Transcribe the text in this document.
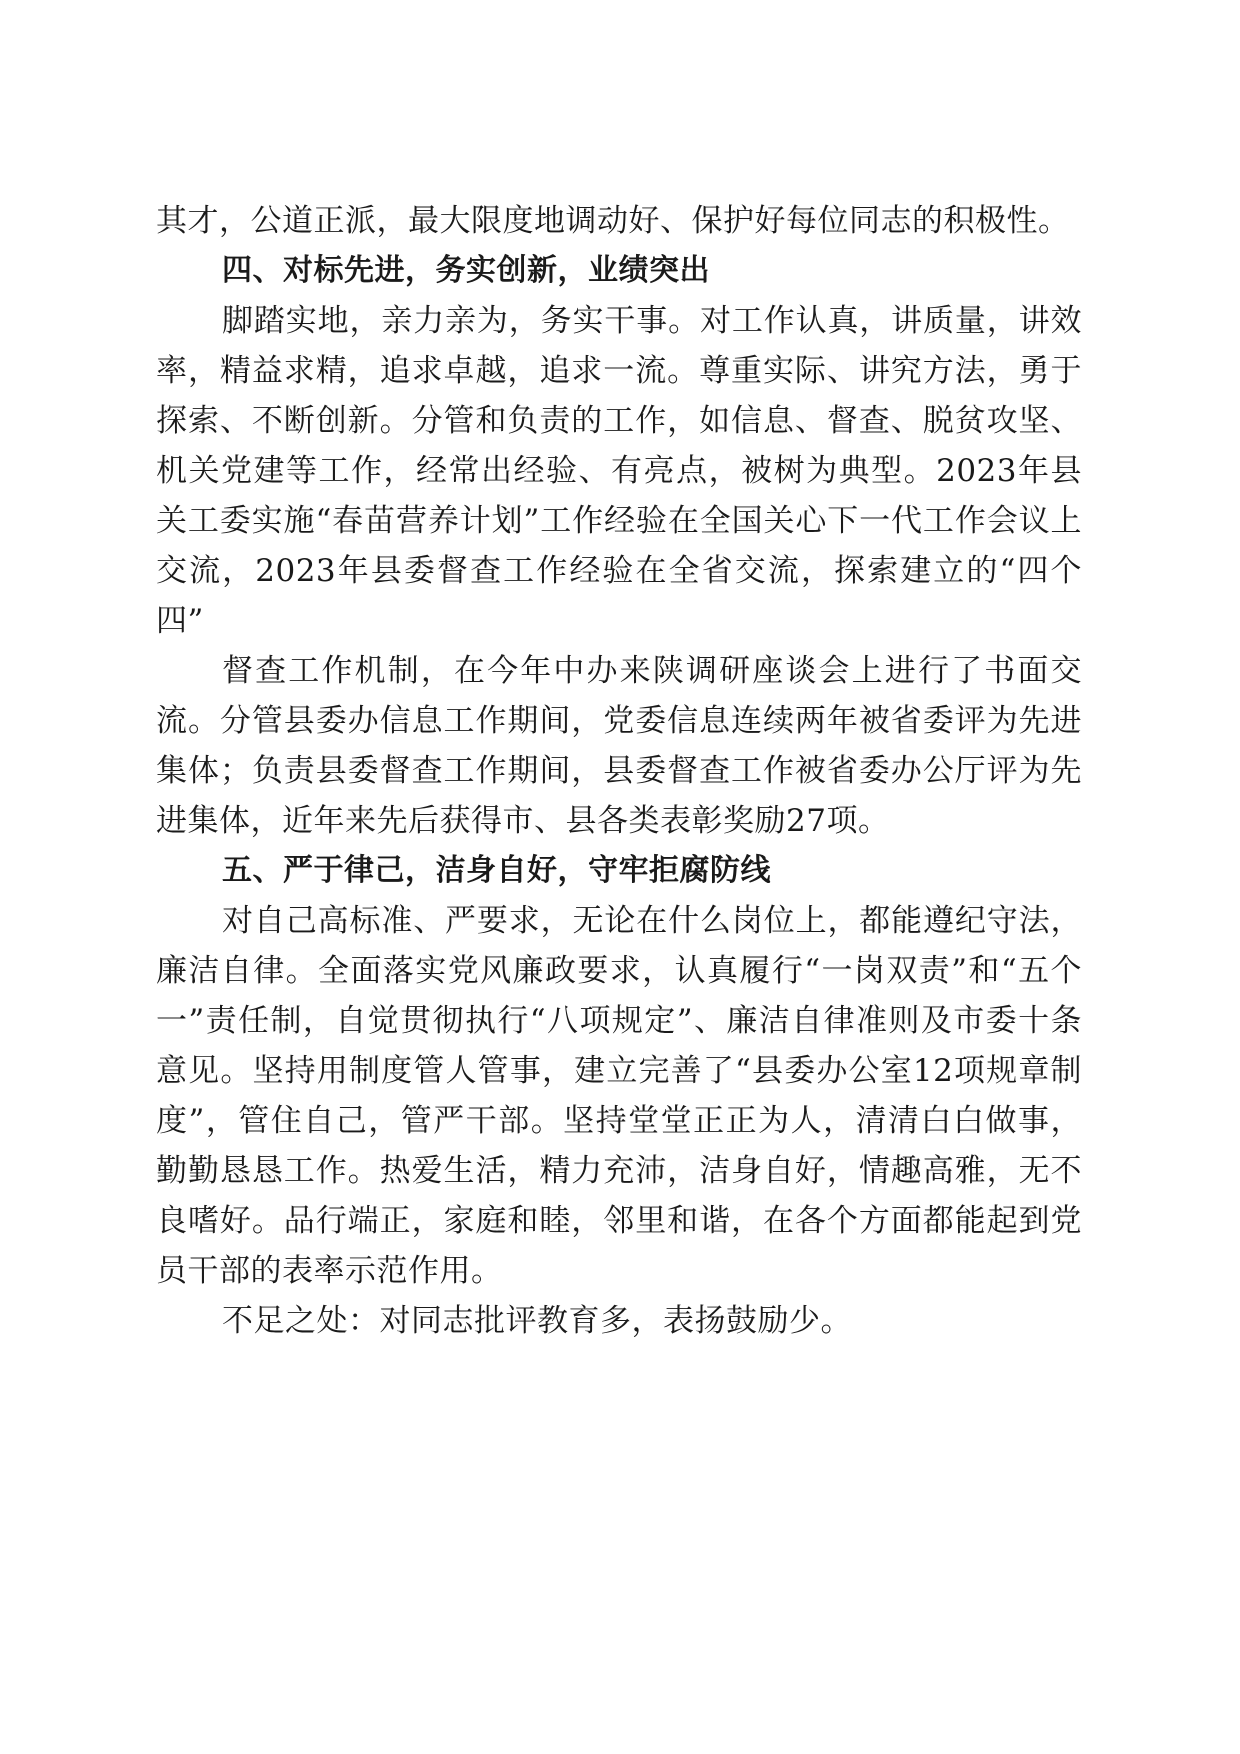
其才，公道正派，最大限度地调动好、保护好每位同志的积极性。

四、对标先进，务实创新，业绩突出

脚踏实地，亲力亲为，务实干事。对工作认真，讲质量，讲效率，精益求精，追求卓越，追求一流。尊重实际、讲究方法，勇于探索、不断创新。分管和负责的工作，如信息、督查、脱贫攻坚、机关党建等工作，经常出经验、有亮点，被树为典型。2023年县关工委实施“春苗营养计划”工作经验在全国关心下一代工作会议上交流，2023年县委督查工作经验在全省交流，探索建立的“四个四”

督查工作机制，在今年中办来陕调研座谈会上进行了书面交流。分管县委办信息工作期间，党委信息连续两年被省委评为先进集体；负责县委督查工作期间，县委督查工作被省委办公厅评为先进集体，近年来先后获得市、县各类表彰奖励27项。

五、严于律己，洁身自好，守牢拒腐防线

对自己高标准、严要求，无论在什么岗位上，都能遵纪守法，廉洁自律。全面落实党风廉政要求，认真履行“一岗双责”和“五个一”责任制，自觉贯彻执行“八项规定”、廉洁自律准则及市委十条意见。坚持用制度管人管事，建立完善了“县委办公室12项规章制度”，管住自己，管严干部。坚持堂堂正正为人，清清白白做事，勤勤恳恳工作。热爱生活，精力充沛，洁身自好，情趣高雅，无不良嗜好。品行端正，家庭和睦，邻里和谐，在各个方面都能起到党员干部的表率示范作用。

不足之处：对同志批评教育多，表扬鼓励少。
